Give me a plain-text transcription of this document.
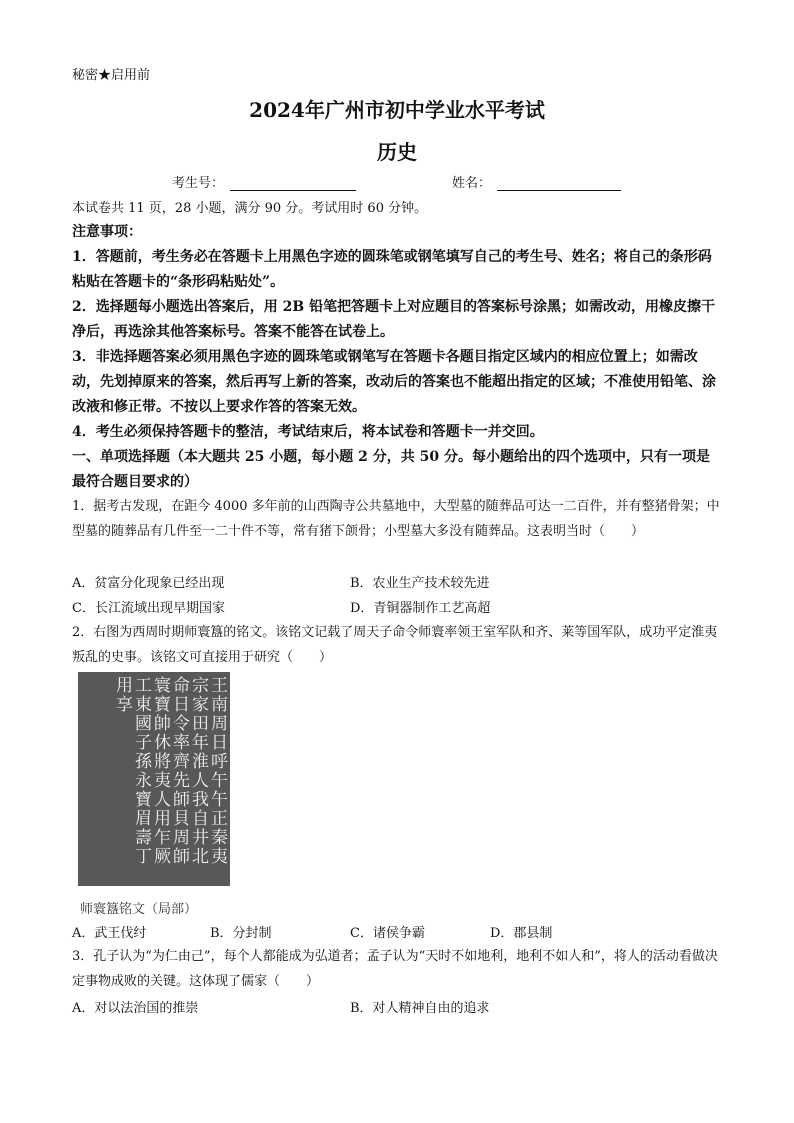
秘密★启用前
2024年广州市初中学业水平考试
历史
考生号：	姓名：
本试卷共 11 页，28 小题，满分 90 分。考试用时 60 分钟。
注意事项：
1．答题前，考生务必在答题卡上用黑色字迹的圆珠笔或钢笔填写自己的考生号、姓名；将自己的条形码粘贴在答题卡的“条形码粘贴处”。
2．选择题每小题选出答案后，用 2B 铅笔把答题卡上对应题目的答案标号涂黑；如需改动，用橡皮擦干净后，再选涂其他答案标号。答案不能答在试卷上。
3．非选择题答案必须用黑色字迹的圆珠笔或钢笔写在答题卡各题目指定区域内的相应位置上；如需改动，先划掉原来的答案，然后再写上新的答案，改动后的答案也不能超出指定的区域；不准使用铅笔、涂改液和修正带。不按以上要求作答的答案无效。
4．考生必须保持答题卡的整洁，考试结束后，将本试卷和答题卡一并交回。
一、单项选择题（本大题共 25 小题，每小题 2 分，共 50 分。每小题给出的四个选项中，只有一项是最符合题目要求的）
1．据考古发现，在距今 4000 多年前的山西陶寺公共墓地中，大型墓的随葬品可达一二百件，并有整猪骨架；中型墓的随葬品有几件至一二十件不等，常有猪下颌骨；小型墓大多没有随葬品。这表明当时（　　）
A．贫富分化现象已经出现	B．农业生产技术较先进
C．长江流域出现早期国家	D．青铜器制作工艺高超
2．右图为西周时期师寰簋的铭文。该铭文记载了周天子命令师寰率领王室军队和齐、莱等国军队，成功平定淮夷叛乱的史事。该铭文可直接用于研究（　　）
王南周日呼午午正秦夷宗家田年淮人我自井北命日令率齊先師貝周師寰寶帥休將夷人用乍厥工東國子孫永寶眉壽丁用享
师寰簋铭文（局部）
A．武王伐纣	B．分封制	C．诸侯争霸	D．郡县制
3．孔子认为“为仁由己”，每个人都能成为弘道者；孟子认为“天时不如地利，地利不如人和”，将人的活动看做决定事物成败的关键。这体现了儒家（　　）
A．对以法治国的推崇	B．对人精神自由的追求
